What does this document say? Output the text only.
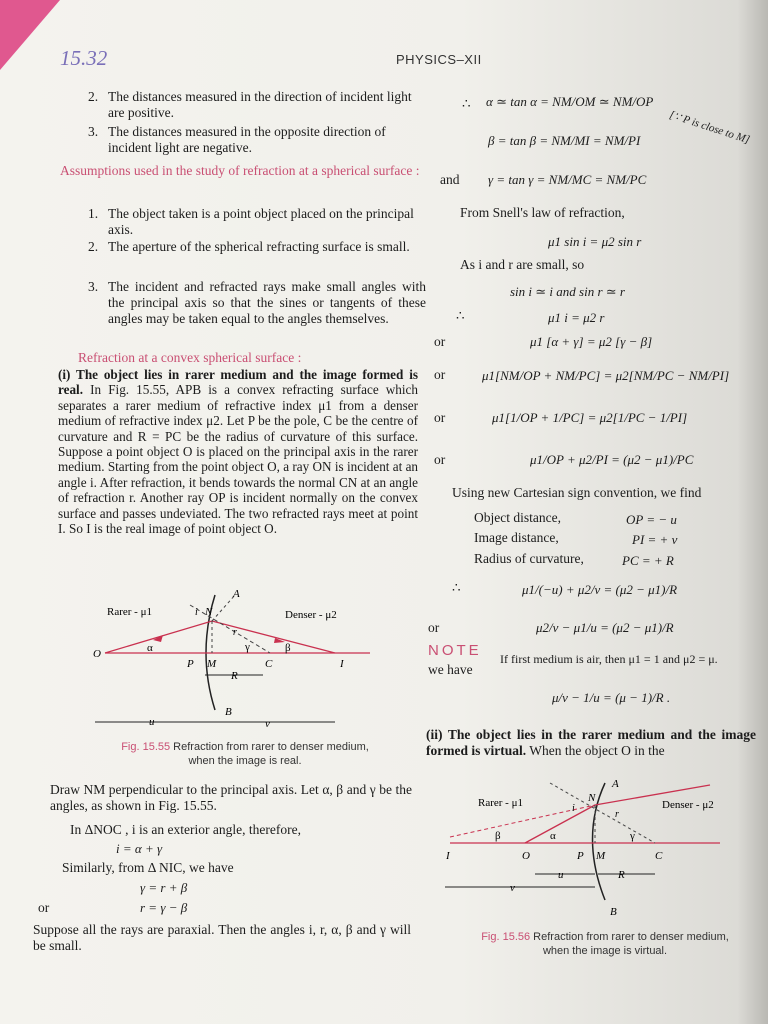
15.32	PHYSICS–XII
2. The distances measured in the direction of incident light are positive.
3. The distances measured in the opposite direction of incident light are negative.
Assumptions used in the study of refraction at a spherical surface :
1. The object taken is a point object placed on the principal axis.
2. The aperture of the spherical refracting surface is small.
3. The incident and refracted rays make small angles with the principal axis so that the sines or tangents of these angles may be taken equal to the angles themselves.
Refraction at a convex spherical surface :
(i) The object lies in rarer medium and the image formed is real. In Fig. 15.55, APB is a convex refracting surface which separates a rarer medium of refractive index μ1 from a denser medium of refractive index μ2. Let P be the pole, C be the centre of curvature and R = PC be the radius of curvature of this surface. Suppose a point object O is placed on the principal axis in the rarer medium. Starting from the point object O, a ray ON is incident at an angle i. After refraction, it bends towards the normal CN at an angle of refraction r. Another ray OP is incident normally on the convex surface and passes undeviated. The two refracted rays meet at point I. So I is the real image of point object O.
Rarer - μ1	Denser - μ2
A
N
i
r
α	γ	β
O
P M	C	I
R
B
u	v
Fig. 15.55 Refraction from rarer to denser medium,
when the image is real.
Draw NM perpendicular to the principal axis. Let α, β and γ be the angles, as shown in Fig. 15.55.
In ΔNOC , i is an exterior angle, therefore,
i = α + γ
Similarly, from Δ NIC, we have
γ = r + β
or	r = γ − β
Suppose all the rays are paraxial. Then the angles i, r, α, β and γ will be small.
∴ α ≃ tan α = NM/OM ≃ NM/OP
[∵ P is close to M]
β = tan β = NM/MI = NM/PI
and γ = tan γ = NM/MC = NM/PC
From Snell's law of refraction,
μ1 sin i = μ2 sin r
As i and r are small, so
sin i ≃ i and sin r ≃ r
∴	μ1 i = μ2 r
or	μ1 [α + γ] = μ2 [γ − β]
or	μ1[NM/OP + NM/PC] = μ2[NM/PC − NM/PI]
or	μ1[1/OP + 1/PC] = μ2[1/PC − 1/PI]
or	μ1/OP + μ2/PI = (μ2 − μ1)/PC
Using new Cartesian sign convention, we find
Object distance,	OP = − u
Image distance,	PI = + v
Radius of curvature,	PC = + R
∴	μ1/(−u) + μ2/v = (μ2 − μ1)/R
or	μ2/v − μ1/u = (μ2 − μ1)/R
NOTE If first medium is air, then μ1 = 1 and μ2 = μ.
we have
μ/v − 1/u = (μ − 1)/R .
(ii) The object lies in the rarer medium and the image formed is virtual. When the object O in the
Rarer - μ1	Denser - μ2
A
N
i
r
α
β	γ
I	O	P M	C
u	R
v
B
Fig. 15.56 Refraction from rarer to denser medium,
when the image is virtual.
